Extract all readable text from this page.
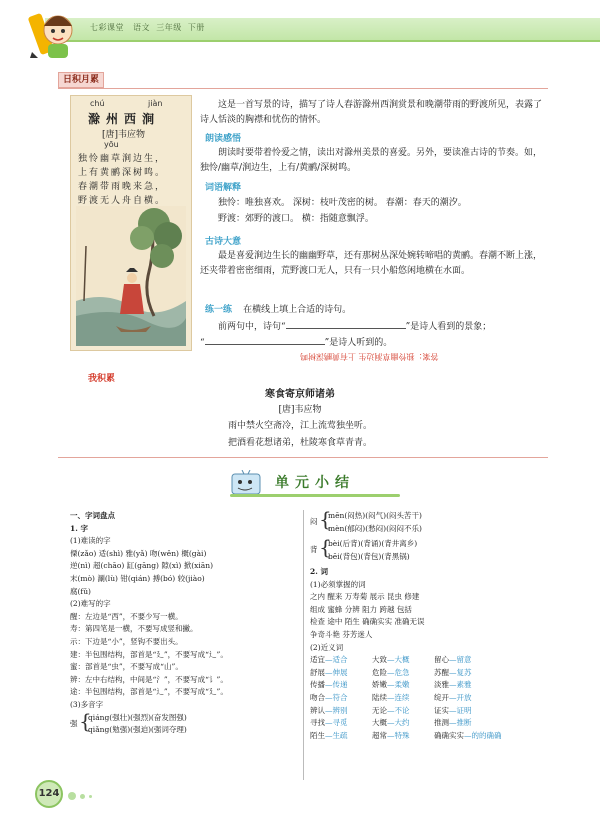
七彩课堂 语文 三年级 下册
日积月累
chú	jiàn
滁州西涧
[唐]韦应物
yōu
独怜幽草涧边生，
上有黄鹂深树鸣。
春潮带雨晚来急，
野渡无人舟自横。

这是一首写景的诗，描写了诗人春游滁州西涧赏景和晚潮带雨的野渡所见，表露了诗人恬淡的胸襟和忧伤的情怀。

朗读感悟

朗读时要带着怜爱之情，读出对滁州美景的喜爱。另外，要读准古诗的节奏。如，独怜/幽草/涧边生，上有/黄鹂/深树鸣。

词语解释

独怜：唯独喜欢。 深树：枝叶茂密的树。 春潮：春天的潮汐。

野渡：郊野的渡口。 横：指随意飘浮。

古诗大意

最是喜爱涧边生长的幽幽野草，还有那树丛深处婉转啼唱的黄鹂。春潮不断上涨，还夹带着密密细雨，荒野渡口无人，只有一只小船悠闲地横在水面。

练一练 在横线上填上合适的诗句。

前两句中，诗句“	”是诗人看到的景象；

“	”是诗人听到的。

答案：独怜幽草涧边生 上有黄鹂深树鸣
我积累
寒食寄京师诸弟
[唐]韦应物
雨中禁火空斋冷，江上流莺独坐听。
把酒看花想诸弟，杜陵寒食草青青。
单元小结
一、字词盘点
1. 字
(1)难读的字
傈(zǎo) 适(shì) 雅(yǎ) 吻(wěn) 概(gài)
逆(nì) 超(chāo) 缸(gāng) 隙(xì) 掀(xiān)
末(mò) 涮(lù) 钳(qián) 搏(bó) 较(jiào)
腐(fǔ)
(2)难写的字
醒：左边是“西”，不要少写一横。
寿：第四笔是一横，不要写成竖和撇。
示：下边是“小”，竖钩不要出头。
建：半包围结构，部首是“廴”，不要写成“辶”。
蜜：部首是“虫”，不要写成“山”。
辨：左中右结构，中间是“氵”，不要写成“讠”。
途：半包围结构，部首是“辶”，不要写成“廴”。
(3)多音字
强 {
qiáng(强壮)(强烈)(奋发图强)
qiǎng(勉强)(强迫)(强词夺理)
闷 {
mēn(闷热)(闷气)(闷头苦干)
mèn(郁闷)(愁闷)(闷闷不乐)
背 {
bèi(后背)(背诵)(背井离乡)
bēi(背包)(背包)(背黑锅)
2. 词
(1)必须掌握的词
之内 醒来 万寿菊 展示 昆虫 修建
组成 蜜蜂 分辨 阻力 跨越 包括
检查 途中 陌生 确确实实 准确无误
争奇斗艳 芬芳迷人
(2)近义词
适宜—适合	大致—大概	留心—留意
舒展—伸展	危险—危急	苏醒—复苏
传播—传递	娇嫩—柔嫩	淡雅—素雅
吻合—符合	陆续—连续	绽开—开放
辨认—辨别	无论—不论	证实—证明
寻找—寻觅	大概—大约	推测—推断
陌生—生疏	超常—特殊	确确实实—的的确确
124
